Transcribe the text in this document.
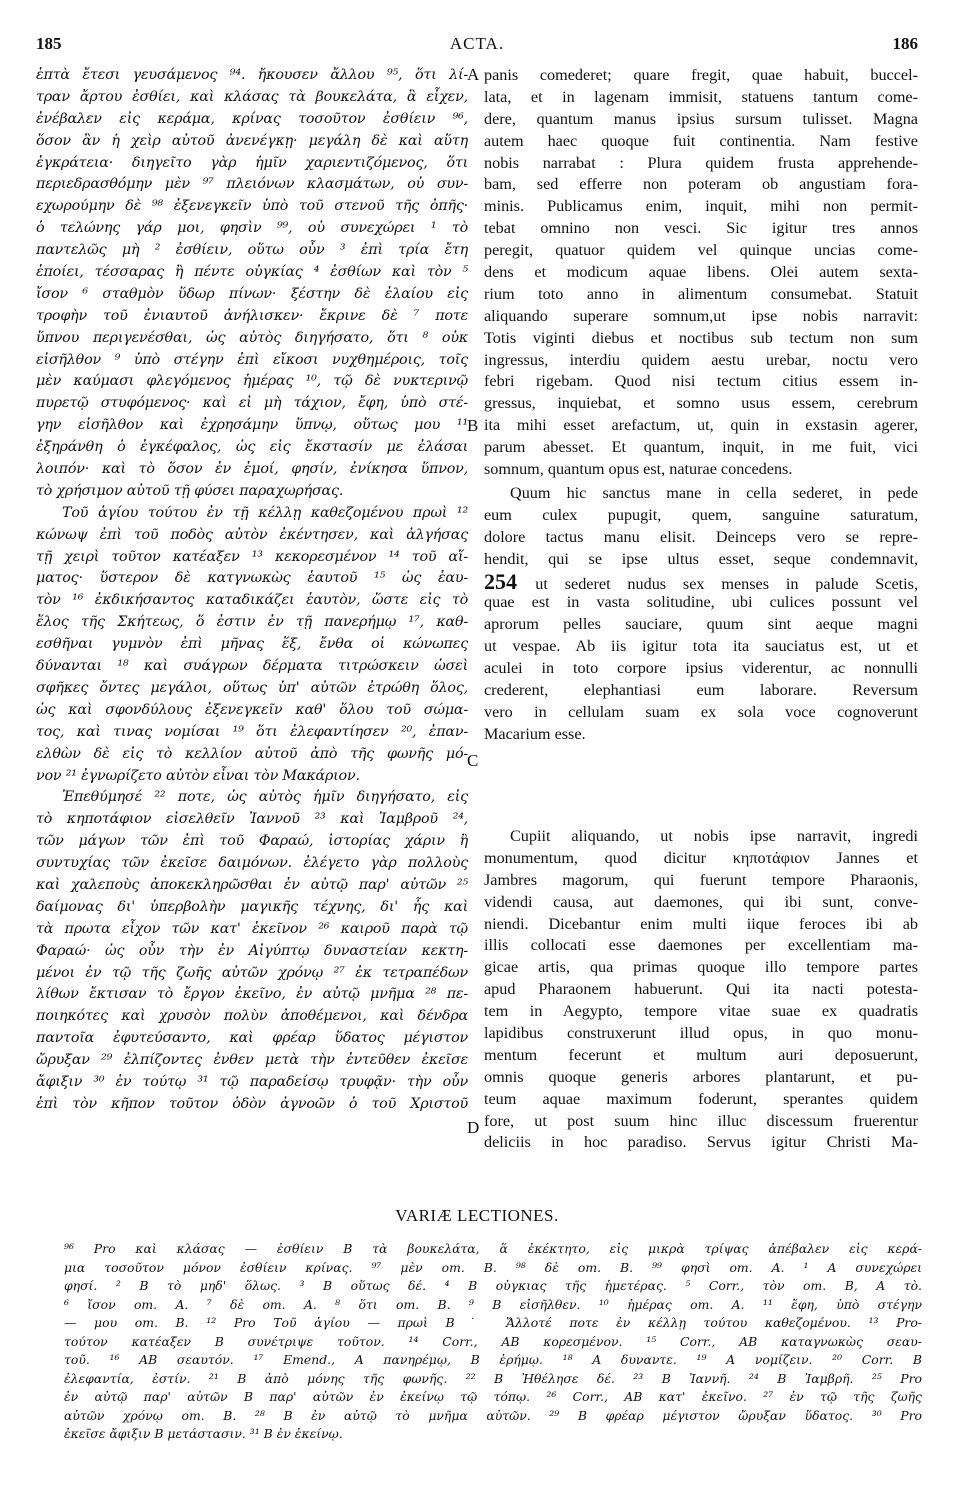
185	ACTA.	186
ἑπτὰ ἔτεσι γευσάμενος ⁹⁴. ἤκουσεν ἄλλου ⁹⁵, ὅτι λί-
τραν ἄρτου ἐσθίει, καὶ κλάσας τὰ βουκελάτα, ἃ εἶχεν,
ἐνέβαλεν εἰς κεράμα, κρίνας τοσοῦτον ἐσθίειν ⁹⁶,
ὅσον ἂν ἡ χεὶρ αὐτοῦ ἀνενέγκῃ· μεγάλη δὲ καὶ αὕτη
ἐγκράτεια· διηγεῖτο γὰρ ἡμῖν χαριεντιζόμενος, ὅτι
περιεδρασθόμην μὲν ⁹⁷ πλειόνων κλασμάτων, οὐ συν-
εχωρούμην δὲ ⁹⁸ ἐξενεγκεῖν ὑπὸ τοῦ στενοῦ τῆς ὀπῆς·
ὁ τελώνης γάρ μοι, φησὶν ⁹⁹, οὐ συνεχώρει ¹ τὸ
παντελῶς μὴ ² ἐσθίειν, οὕτω οὖν ³ ἐπὶ τρία ἔτη
ἐποίει, τέσσαρας ἢ πέντε οὐγκίας ⁴ ἐσθίων καὶ τὸν ⁵
ἴσον ⁶ σταθμὸν ὕδωρ πίνων· ξέστην δὲ ἐλαίου εἰς
τροφὴν τοῦ ἐνιαυτοῦ ἀνήλισκεν· ἔκρινε δὲ ⁷ ποτε
ὕπνου περιγενέσθαι, ὡς αὐτὸς διηγήσατο, ὅτι ⁸ οὐκ
εἰσῆλθον ⁹ ὑπὸ στέγην ἐπὶ εἴκοσι νυχθημέροις, τοῖς
μὲν καύμασι φλεγόμενος ἡμέρας ¹⁰, τῷ δὲ νυκτερινῷ
πυρετῷ στυφόμενος· καὶ εἰ μὴ τάχιον, ἔφη, ὑπὸ στέ-
γην εἰσῆλθον καὶ ἐχρησάμην ὕπνῳ, οὕτως μου ¹¹
ἐξηράνθη ὁ ἐγκέφαλος, ὡς εἰς ἔκστασίν με ἐλάσαι
λοιπόν· καὶ τὸ ὅσον ἐν ἐμοί, φησίν, ἐνίκησα ὕπνον,
τὸ χρήσιμον αὐτοῦ τῇ φύσει παραχωρήσας.
Τοῦ ἁγίου τούτου ἐν τῇ κέλλῃ καθεζομένου πρωὶ ¹²
κώνωψ ἐπὶ τοῦ ποδὸς αὐτὸν ἐκέντησεν, καὶ ἀλγήσας
τῇ χειρὶ τοῦτον κατέαξεν ¹³ κεκορεσμένον ¹⁴ τοῦ αἵ-
ματος· ὕστερον δὲ κατγνωκὼς ἑαυτοῦ ¹⁵ ὡς ἑαυ-
τὸν ¹⁶ ἐκδικήσαντος καταδικάζει ἑαυτὸν, ὥστε εἰς τὸ
ἕλος τῆς Σκήτεως, ὅ ἐστιν ἐν τῇ πανερήμῳ ¹⁷, καθ-
εσθῆναι γυμνὸν ἐπὶ μῆνας ἕξ, ἔνθα οἱ κώνωπες
δύνανται ¹⁸ καὶ συάγρων δέρματα τιτρώσκειν ὡσεὶ
σφῆκες ὄντες μεγάλοι, οὕτως ὑπ' αὐτῶν ἐτρώθη ὅλος,
ὡς καὶ σφονδύλους ἐξενεγκεῖν καθ' ὅλου τοῦ σώμα-
τος, καὶ τινας νομίσαι ¹⁹ ὅτι ἐλεφαντίησεν ²⁰, ἐπαν-
ελθὼν δὲ εἰς τὸ κελλίον αὐτοῦ ἀπὸ τῆς φωνῆς μό-
νον ²¹ ἐγνωρίζετο αὐτὸν εἶναι τὸν Μακάριον.
Ἐπεθύμησέ ²² ποτε, ὡς αὐτὸς ἡμῖν διηγήσατο, εἰς
τὸ κηποτάφιον εἰσελθεῖν Ἰαννοῦ ²³ καὶ Ἰαμβροῦ ²⁴,
τῶν μάγων τῶν ἐπὶ τοῦ Φαραώ, ἱστορίας χάριν ἢ
συντυχίας τῶν ἐκεῖσε δαιμόνων. ἐλέγετο γὰρ πολλοὺς
καὶ χαλεποὺς ἀποκεκληρῶσθαι ἐν αὐτῷ παρ' αὐτῶν ²⁵
δαίμονας δι' ὑπερβολὴν μαγικῆς τέχνης, δι' ἧς καὶ
τὰ πρωτα εἶχον τῶν κατ' ἐκεῖνον ²⁶ καιροῦ παρὰ τῷ
Φαραώ· ὡς οὖν τὴν ἐν Αἰγύπτῳ δυναστείαν κεκτη-
μένοι ἐν τῷ τῆς ζωῆς αὐτῶν χρόνῳ ²⁷ ἐκ τετραπέδων
λίθων ἔκτισαν τὸ ἔργον ἐκεῖνο, ἐν αὐτῷ μνῆμα ²⁸ πε-
ποιηκότες καὶ χρυσὸν πολὺν ἀποθέμενοι, καὶ δένδρα
παντοῖα ἐφυτεύσαντο, καὶ φρέαρ ὕδατος μέγιστον
ὤρυξαν ²⁹ ἐλπίζοντες ἐνθεν μετὰ τὴν ἐντεῦθεν ἐκεῖσε
ἄφιξιν ³⁰ ἐν τούτῳ ³¹ τῷ παραδείσῳ τρυφᾷν· τὴν οὖν
ἐπὶ τὸν κῆπον τοῦτον ὁδὸν ἀγνοῶν ὁ τοῦ Χριστοῦ
panis comederet; quare fregit, quae habuit, buccel-
lata, et in lagenam immisit, statuens tantum come-
dere, quantum manus ipsius sursum tulisset. Magna
autem haec quoque fuit continentia. Nam festive
nobis narrabat : Plura quidem frusta apprehende-
bam, sed efferre non poteram ob angustiam fora-
minis. Publicamus enim, inquit, mihi non permit-
tebat omnino non vesci. Sic igitur tres annos
peregit, quatuor quidem vel quinque uncias come-
dens et modicum aquae libens. Olei autem sexta-
rium toto anno in alimentum consumebat. Statuit
aliquando superare somnum,ut ipse nobis narravit:
Totis viginti diebus et noctibus sub tectum non sum
ingressus, interdiu quidem aestu urebar, noctu vero
febri rigebam. Quod nisi tectum citius essem in-
gressus, inquiebat, et somno usus essem, cerebrum
ita mihi esset arefactum, ut, quin in exstasin agerer,
parum abesset. Et quantum, inquit, in me fuit, vici
somnum, quantum opus est, naturae concedens.
Quum hic sanctus mane in cella sederet, in pede
eum culex pupugit, quem, sanguine saturatum,
dolore tactus manu elisit. Deinceps vero se repre-
hendit, qui se ipse ultus esset, seque condemnavit,
254 ut sederet nudus sex menses in palude Scetis,
quae est in vasta solitudine, ubi culices possunt vel
aprorum pelles sauciare, quum sint aeque magni
ut vespae. Ab iis igitur tota ita sauciatus est, ut et
aculei in toto corpore ipsius viderentur, ac nonnulli
crederent, elephantiasi eum laborare. Reversum
vero in cellulam suam ex sola voce cognoverunt
Macarium esse.
Cupiit aliquando, ut nobis ipse narravit, ingredi
monumentum, quod dicitur κηποτάφιον Jannes et
Jambres magorum, qui fuerunt tempore Pharaonis,
videndi causa, aut daemones, qui ibi sunt, conve-
niendi. Dicebantur enim multi iique feroces ibi ab
illis collocati esse daemones per excellentiam ma-
gicae artis, qua primas quoque illo tempore partes
apud Pharaonem habuerunt. Qui ita nacti potesta-
tem in Aegypto, tempore vitae suae ex quadratis
lapidibus construxerunt illud opus, in quo monu-
mentum fecerunt et multum auri deposuerunt,
omnis quoque generis arbores plantarunt, et pu-
teum aquae maximum foderunt, sperantes quidem
fore, ut post suum hinc illuc discessum fruerentur
deliciis in hoc paradiso. Servus igitur Christi Ma-
A
B
C
D
VARIÆ LECTIONES.
⁹⁶ Pro καὶ κλάσας — ἐσθίειν B τὰ βουκελάτα, ἅ ἐκέκτητο, εἰς μικρὰ τρίψας ἀπέβαλεν εἰς κερά-
μια τοσοῦτον μόνον ἐσθίειν κρίνας. ⁹⁷ μὲν om. B. ⁹⁸ δὲ om. B. ⁹⁹ φησὶ om. A. ¹ A συνεχώρει
φησί. ² B τὸ μηδ' ὅλως. ³ B οὕτως δέ. ⁴ B οὐγκιας τῆς ἡμετέρας. ⁵ Corr., τὸν om. B, A τὸ.
⁶ ἴσον om. A. ⁷ δὲ om. A. ⁸ ὅτι om. B. ⁹ B εἰσῆλθεν. ¹⁰ ἡμέρας om. A. ¹¹ ἔφη, ὑπὸ στέγην
— μου om. B. ¹² Pro Τοῦ ἁγίου — πρωὶ B˙ Ἄλλοτέ ποτε ἐν κέλλῃ τούτου καθεζομένου. ¹³ Pro-
τούτον κατέαξεν B συνέτριψε τοῦτον. ¹⁴ Corr., AB κορεσμένον. ¹⁵ Corr., AB καταγνωκὼς σεαυ-
τοῦ. ¹⁶ AB σεαυτόν. ¹⁷ Emend., A πανηρέμῳ, B ἐρήμῳ. ¹⁸ A δυναντε. ¹⁹ A νομίζειν. ²⁰ Corr. B
ἐλεφαντία, ἐστίν. ²¹ B ἀπὸ μόνης τῆς φωνῆς. ²² B Ἠθέλησε δέ. ²³ B Ἰαννῆ. ²⁴ B Ἰαμβρῆ. ²⁵ Pro
ἐν αὐτῷ παρ' αὐτῶν B παρ' αὐτῶν ἐν ἐκείνῳ τῷ τόπῳ. ²⁶ Corr., AB κατ' ἐκεῖνο. ²⁷ ἐν τῷ τῆς ζωῆς
αὐτῶν χρόνῳ om. B. ²⁸ B ἐν αὐτῷ τὸ μνῆμα αὐτῶν. ²⁹ B φρέαρ μέγιστον ὤρυξαν ὕδατος. ³⁰ Pro
ἐκεῖσε ἄφιξιν B μετάστασιν. ³¹ B ἐν ἐκείνῳ.
